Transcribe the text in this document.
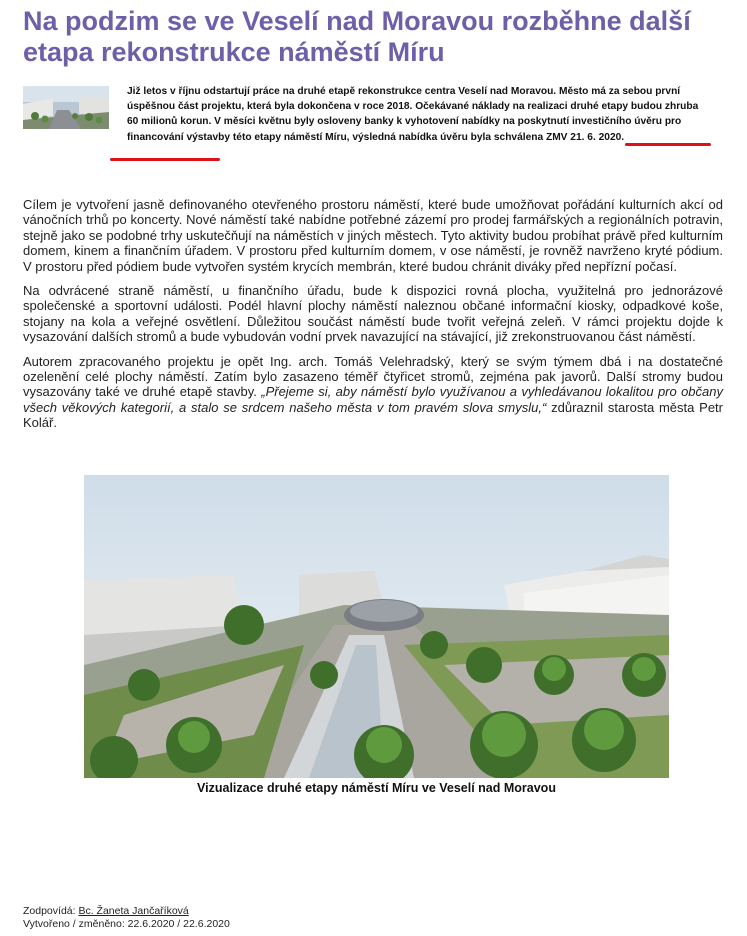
Na podzim se ve Veselí nad Moravou rozběhne další etapa rekonstrukce náměstí Míru

Již letos v říjnu odstartují práce na druhé etapě rekonstrukce centra Veselí nad Moravou. Město má za sebou první úspěšnou část projektu, která byla dokončena v roce 2018. Očekávané náklady na realizaci druhé etapy budou zhruba 60 milionů korun. V měsíci květnu byly osloveny banky k vyhotovení nabídky na poskytnutí investičního úvěru pro financování výstavby této etapy náměstí Míru, výsledná nabídka úvěru byla schválena ZMV 21. 6. 2020.

Cílem je vytvoření jasně definovaného otevřeného prostoru náměstí, které bude umožňovat pořádání kulturních akcí od vánočních trhů po koncerty. Nové náměstí také nabídne potřebné zázemí pro prodej farmářských a regionálních potravin, stejně jako se podobné trhy uskutečňují na náměstích v jiných městech. Tyto aktivity budou probíhat právě před kulturním domem, kinem a finančním úřadem. V prostoru před kulturním domem, v ose náměstí, je rovněž navrženo kryté pódium. V prostoru před pódiem bude vytvořen systém krycích membrán, které budou chránit diváky před nepřízní počasí.

Na odvrácené straně náměstí, u finančního úřadu, bude k dispozici rovná plocha, využitelná pro jednorázové společenské a sportovní události. Podél hlavní plochy náměstí naleznou občané informační kiosky, odpadkové koše, stojany na kola a veřejné osvětlení. Důležitou součást náměstí bude tvořit veřejná zeleň. V rámci projektu dojde k vysazování dalších stromů a bude vybudován vodní prvek navazující na stávající, již zrekonstruovanou část náměstí.

Autorem zpracovaného projektu je opět Ing. arch. Tomáš Velehradský, který se svým týmem dbá i na dostatečné ozelenění celé plochy náměstí. Zatím bylo zasazeno téměř čtyřicet stromů, zejména pak javorů. Další stromy budou vysazovány také ve druhé etapě stavby. „Přejeme si, aby náměstí bylo využívanou a vyhledávanou lokalitou pro občany všech věkových kategorií, a stalo se srdcem našeho města v tom pravém slova smyslu,“ zdůraznil starosta města Petr Kolář.

Vizualizace druhé etapy náměstí Míru ve Veselí nad Moravou
Zodpovídá: Bc. Žaneta Jančaříková
Vytvořeno / změněno: 22.6.2020 / 22.6.2020
